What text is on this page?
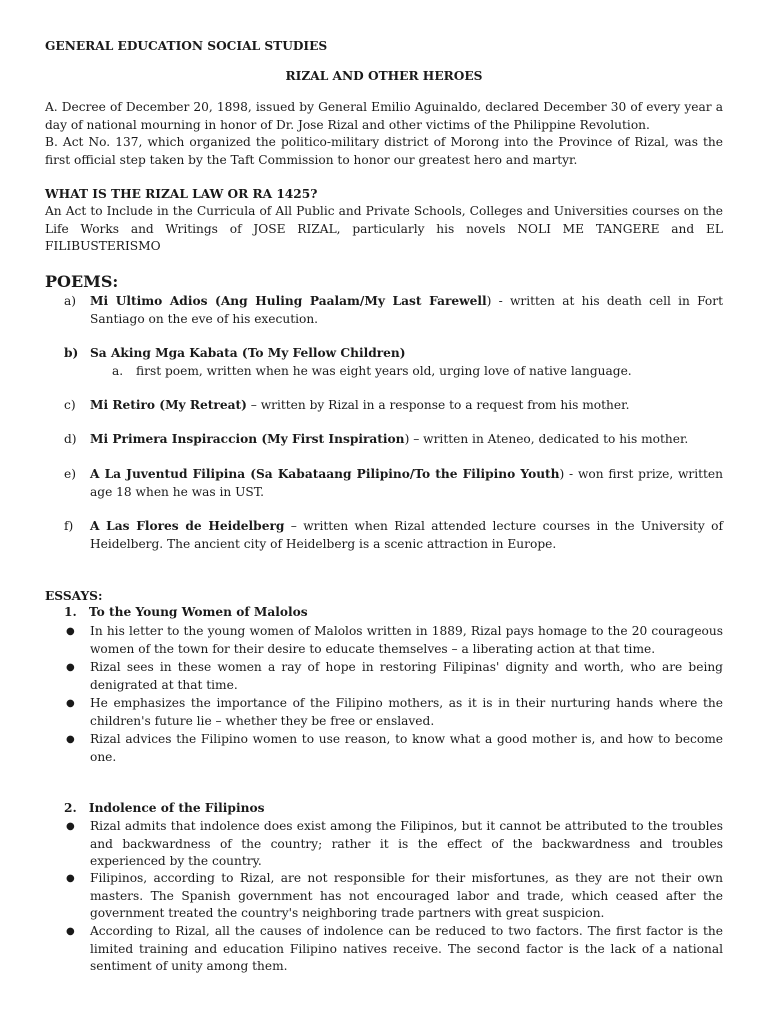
GENERAL EDUCATION SOCIAL STUDIES
RIZAL AND OTHER HEROES
A. Decree of December 20, 1898, issued by General Emilio Aguinaldo, declared December 30 of every year a day of national mourning in honor of Dr. Jose Rizal and other victims of the Philippine Revolution.
B. Act No. 137, which organized the politico-military district of Morong into the Province of Rizal, was the first official step taken by the Taft Commission to honor our greatest hero and martyr.
WHAT IS THE RIZAL LAW OR RA 1425?
An Act to Include in the Curricula of All Public and Private Schools, Colleges and Universities courses on the Life Works and Writings of JOSE RIZAL, particularly his novels NOLI ME TANGERE and EL FILIBUSTERISMO
POEMS:
a)	Mi Ultimo Adios (Ang Huling Paalam/My Last Farewell) - written at his death cell in Fort Santiago on the eve of his execution.
b) Sa Aking Mga Kabata (To My Fellow Children)
a. first poem, written when he was eight years old, urging love of native language.
c)	Mi Retiro (My Retreat) – written by Rizal in a response to a request from his mother.
d)	Mi Primera Inspiraccion (My First Inspiration) – written in Ateneo, dedicated to his mother.
e)	A La Juventud Filipina (Sa Kabataang Pilipino/To the Filipino Youth) - won first prize, written age 18 when he was in UST.
f)	A Las Flores de Heidelberg – written when Rizal attended lecture courses in the University of Heidelberg. The ancient city of Heidelberg is a scenic attraction in Europe.
ESSAYS:
1. To the Young Women of Malolos
● In his letter to the young women of Malolos written in 1889, Rizal pays homage to the 20 courageous women of the town for their desire to educate themselves – a liberating action at that time.
● Rizal sees in these women a ray of hope in restoring Filipinas' dignity and worth, who are being denigrated at that time.
● He emphasizes the importance of the Filipino mothers, as it is in their nurturing hands where the children's future lie – whether they be free or enslaved.
● Rizal advices the Filipino women to use reason, to know what a good mother is, and how to become one.
2. Indolence of the Filipinos
● Rizal admits that indolence does exist among the Filipinos, but it cannot be attributed to the troubles and backwardness of the country; rather it is the effect of the backwardness and troubles experienced by the country.
● Filipinos, according to Rizal, are not responsible for their misfortunes, as they are not their own masters. The Spanish government has not encouraged labor and trade, which ceased after the government treated the country's neighboring trade partners with great suspicion.
● According to Rizal, all the causes of indolence can be reduced to two factors. The first factor is the limited training and education Filipino natives receive. The second factor is the lack of a national sentiment of unity among them.
